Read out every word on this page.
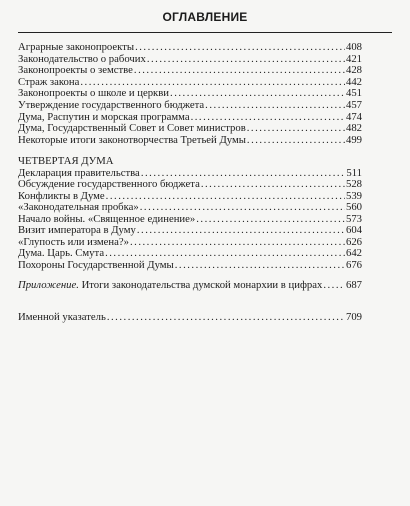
ОГЛАВЛЕНИЕ
Аграрные законопроекты .....	408
Законодательство о рабочих .....	421
Законопроекты о земстве .....	428
Страж закона .....	442
Законопроекты о школе и церкви .....	451
Утверждение государственного бюджета .....	457
Дума, Распутин и морская программа .....	474
Дума, Государственный Совет и Совет министров .....	482
Некоторые итоги законотворчества Третьей Думы .....	499
ЧЕТВЕРТАЯ ДУМА
Декларация правительства .....	511
Обсуждение государственного бюджета .....	528
Конфликты в Думе .....	539
«Законодательная пробка» .....	560
Начало войны. «Священное единение» .....	573
Визит императора в Думу .....	604
«Глупость или измена?» .....	626
Дума. Царь. Смута .....	642
Похороны Государственной Думы .....	676
Приложение.
Итоги законодательства думской монархии в цифрах ..... 687
Именной указатель .....	709
